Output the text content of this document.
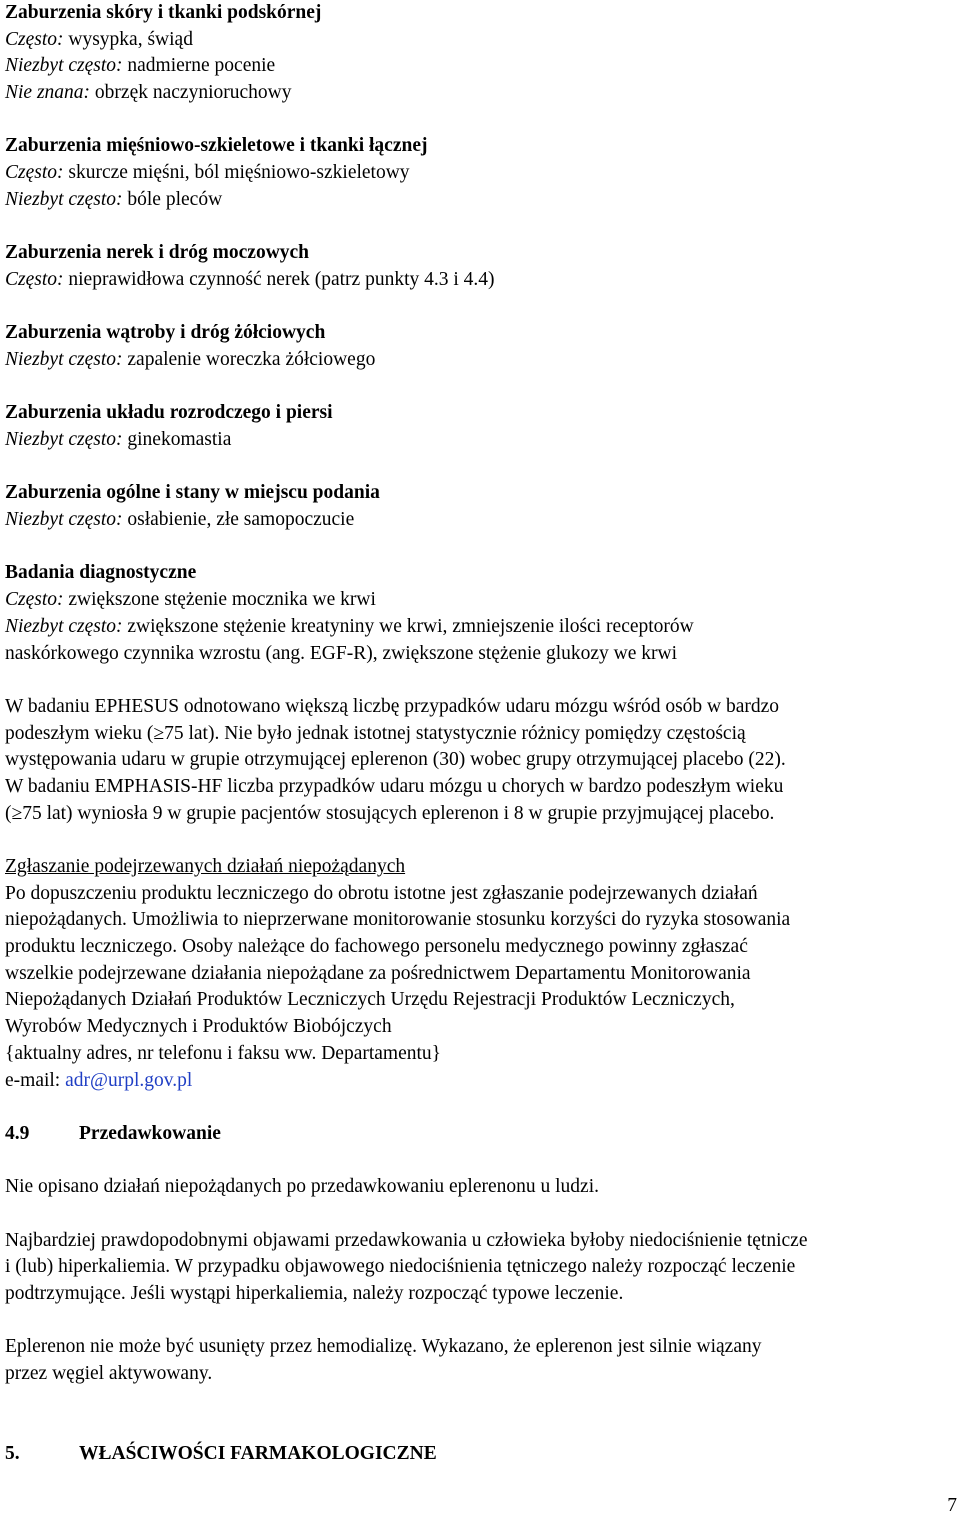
Zaburzenia skóry i tkanki podskórnej
Często: wysypka, świąd
Niezbyt często: nadmierne pocenie
Nie znana: obrzęk naczynioruchowy
Zaburzenia mięśniowo-szkieletowe i tkanki łącznej
Często: skurcze mięśni, ból mięśniowo-szkieletowy
Niezbyt często: bóle pleców
Zaburzenia nerek i dróg moczowych
Często: nieprawidłowa czynność nerek (patrz punkty 4.3 i 4.4)
Zaburzenia wątroby i dróg żółciowych
Niezbyt często: zapalenie woreczka żółciowego
Zaburzenia układu rozrodczego i piersi
Niezbyt często: ginekomastia
Zaburzenia ogólne i stany w miejscu podania
Niezbyt często: osłabienie, złe samopoczucie
Badania diagnostyczne
Często: zwiększone stężenie mocznika we krwi
Niezbyt często: zwiększone stężenie kreatyniny we krwi, zmniejszenie ilości receptorów
naskórkowego czynnika wzrostu (ang. EGF-R), zwiększone stężenie glukozy we krwi
W badaniu EPHESUS odnotowano większą liczbę przypadków udaru mózgu wśród osób w bardzo
podeszłym wieku (≥75 lat). Nie było jednak istotnej statystycznie różnicy pomiędzy częstością
występowania udaru w grupie otrzymującej eplerenon (30) wobec grupy otrzymującej placebo (22).
W badaniu EMPHASIS-HF liczba przypadków udaru mózgu u chorych w bardzo podeszłym wieku
(≥75 lat) wyniosła 9 w grupie pacjentów stosujących eplerenon i 8 w grupie przyjmującej placebo.
Zgłaszanie podejrzewanych działań niepożądanych
Po dopuszczeniu produktu leczniczego do obrotu istotne jest zgłaszanie podejrzewanych działań
niepożądanych. Umożliwia to nieprzerwane monitorowanie stosunku korzyści do ryzyka stosowania
produktu leczniczego. Osoby należące do fachowego personelu medycznego powinny zgłaszać
wszelkie podejrzewane działania niepożądane za pośrednictwem Departamentu Monitorowania
Niepożądanych Działań Produktów Leczniczych Urzędu Rejestracji Produktów Leczniczych,
Wyrobów Medycznych i Produktów Biobójczych
{aktualny adres, nr telefonu i faksu ww. Departamentu}
e-mail: adr@urpl.gov.pl
4.9	Przedawkowanie
Nie opisano działań niepożądanych po przedawkowaniu eplerenonu u ludzi.
Najbardziej prawdopodobnymi objawami przedawkowania u człowieka byłoby niedociśnienie tętnicze
i (lub) hiperkaliemia. W przypadku objawowego niedociśnienia tętniczego należy rozpocząć leczenie
podtrzymujące. Jeśli wystąpi hiperkaliemia, należy rozpocząć typowe leczenie.
Eplerenon nie może być usunięty przez hemodializę. Wykazano, że eplerenon jest silnie wiązany
przez węgiel aktywowany.
5.	WŁAŚCIWOŚCI FARMAKOLOGICZNE
7
